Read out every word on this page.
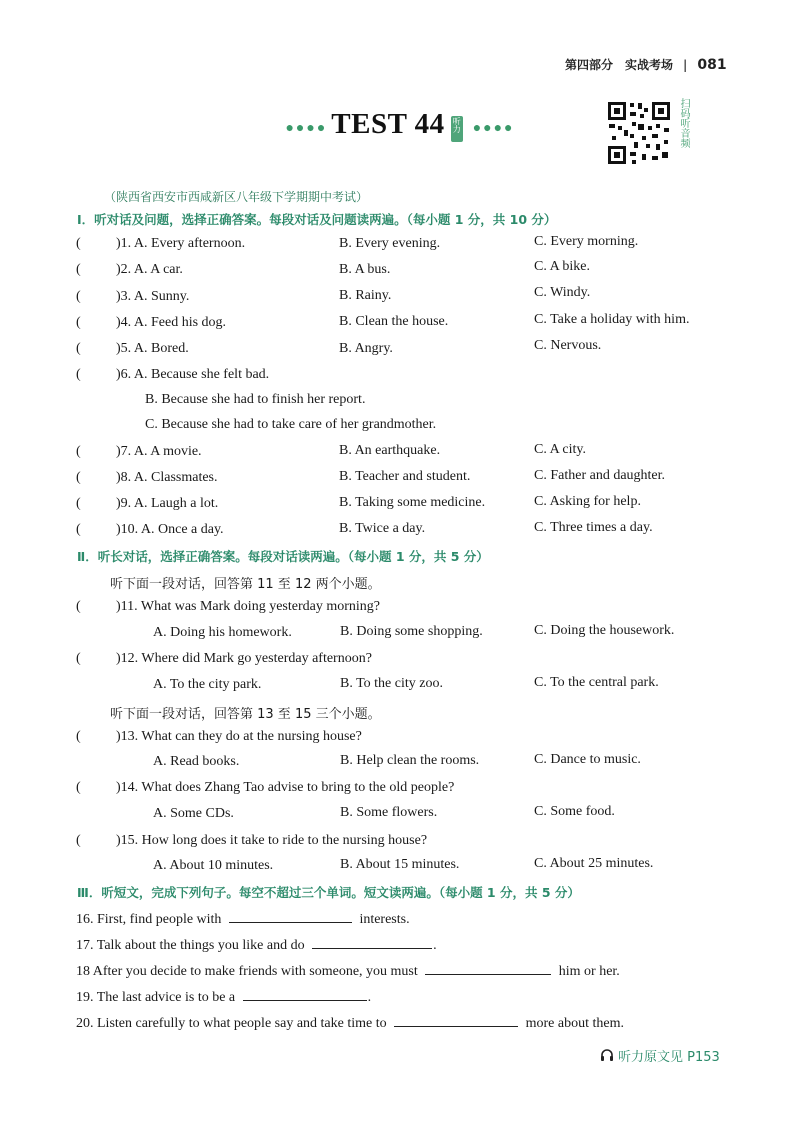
第四部分　实战考场 | 081
●●●● TEST 44 听力 ●●●●	扫码听音频
（陕西省西安市西咸新区八年级下学期期中考试）
Ⅰ．听对话及问题，选择正确答案。每段对话及问题读两遍。（每小题 1 分，共 10 分）
(	)1. A. Every afternoon.	B. Every evening.	C. Every morning.
(	)2. A. A car.	B. A bus.	C. A bike.
(	)3. A. Sunny.	B. Rainy.	C. Windy.
(	)4. A. Feed his dog.	B. Clean the house.	C. Take a holiday with him.
(	)5. A. Bored.	B. Angry.	C. Nervous.
(	)6. A. Because she felt bad.
B. Because she had to finish her report.
C. Because she had to take care of her grandmother.
(	)7. A. A movie.	B. An earthquake.	C. A city.
(	)8. A. Classmates.	B. Teacher and student.	C. Father and daughter.
(	)9. A. Laugh a lot.	B. Taking some medicine.	C. Asking for help.
(	)10. A. Once a day.	B. Twice a day.	C. Three times a day.
Ⅱ．听长对话，选择正确答案。每段对话读两遍。（每小题 1 分，共 5 分）
听下面一段对话，回答第 11 至 12 两个小题。
(	)11. What was Mark doing yesterday morning?
A. Doing his homework.	B. Doing some shopping.	C. Doing the housework.
(	)12. Where did Mark go yesterday afternoon?
A. To the city park.	B. To the city zoo.	C. To the central park.
听下面一段对话，回答第 13 至 15 三个小题。
(	)13. What can they do at the nursing house?
A. Read books.	B. Help clean the rooms.	C. Dance to music.
(	)14. What does Zhang Tao advise to bring to the old people?
A. Some CDs.	B. Some flowers.	C. Some food.
(	)15. How long does it take to ride to the nursing house?
A. About 10 minutes.	B. About 15 minutes.	C. About 25 minutes.
Ⅲ．听短文，完成下列句子。每空不超过三个单词。短文读两遍。（每小题 1 分，共 5 分）
16. First, find people with	interests.
17. Talk about the things you like and do	.
18 After you decide to make friends with someone, you must	him or her.
19. The last advice is to be a	.
20. Listen carefully to what people say and take time to	more about them.
听力原文见 P153
